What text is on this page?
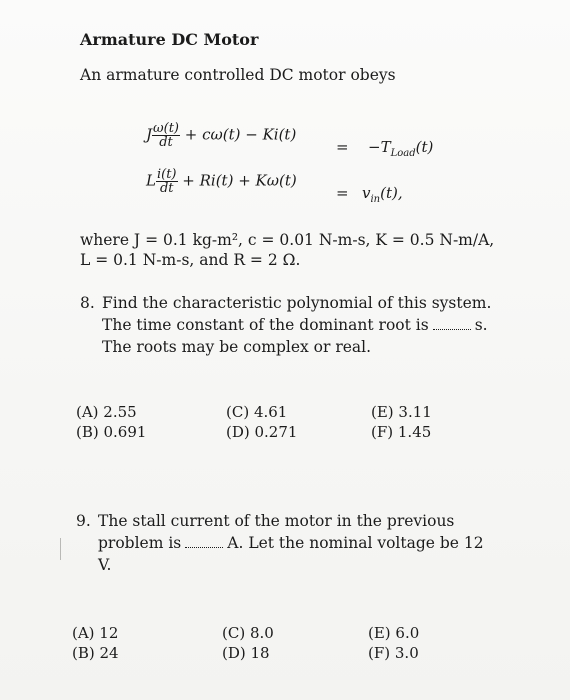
Armature DC Motor
An armature controlled DC motor obeys
J $\frac{\omega(t)}{dt} + c\omega(t) - Ki(t)$
= $-T_{Load}(t)$
L $\frac{i(t)}{dt} + Ri(t) + K\omega(t)$
= $v_{in}(t)$,
where J = 0.1 kg-m², c = 0.01 N-m-s, K = 0.5 N-m/A, L = 0.1 N-m-s, and R = 2 Ω.
8. Find the characteristic polynomial of this system.
The time constant of the dominant root is	s.
The roots may be complex or real.
(A) 2.55
(B) 0.691
(C) 4.61
(D) 0.271
(E) 3.11
(F) 1.45
9. The stall current of the motor in the previous
problem is	A. Let the nominal voltage be 12
V.
(A) 12
(B) 24
(C) 8.0
(D) 18
(E) 6.0
(F) 3.0
